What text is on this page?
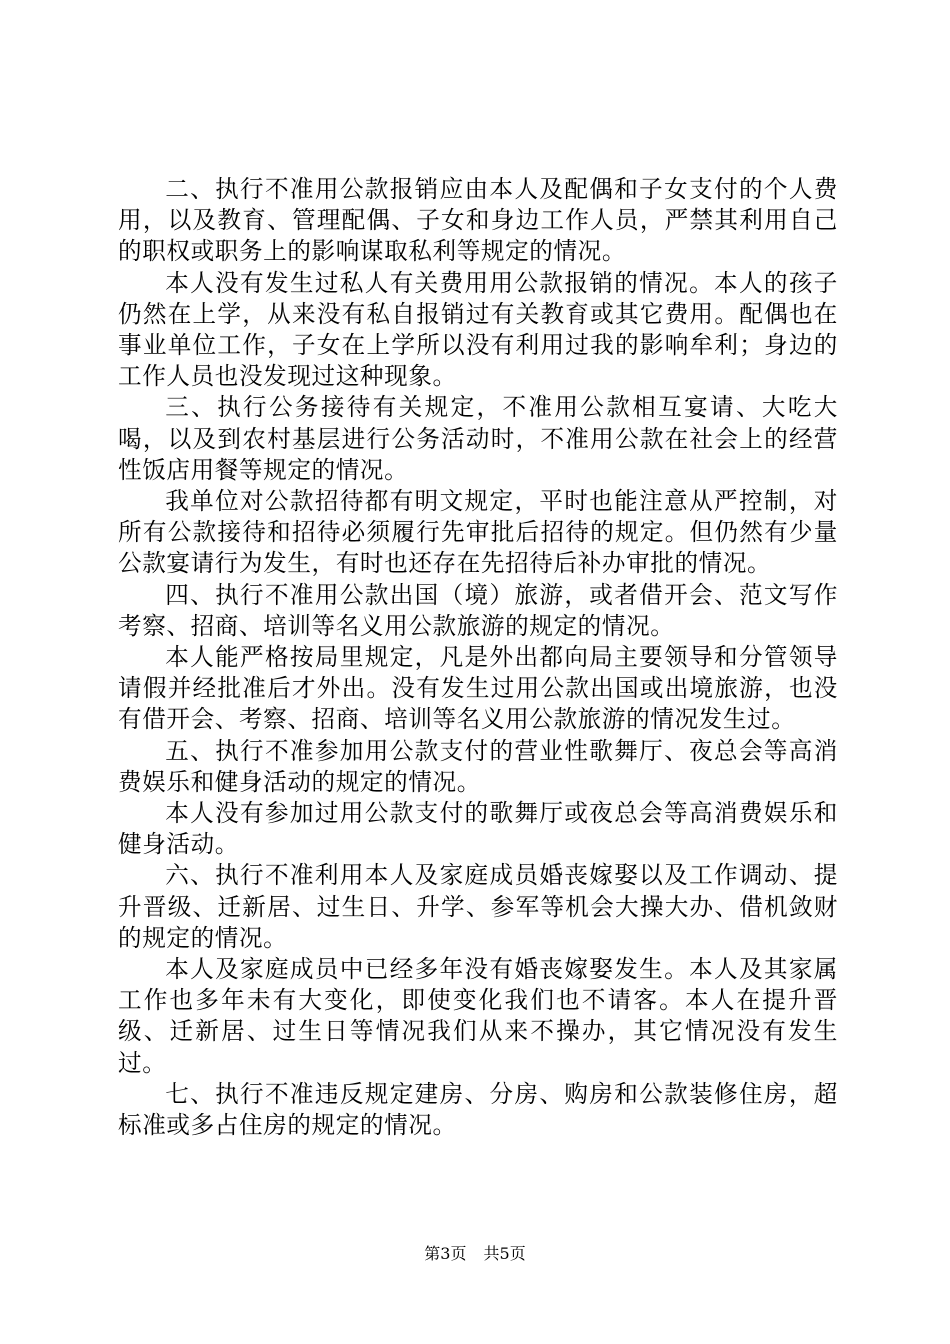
二、执行不准用公款报销应由本人及配偶和子女支付的个人费用，以及教育、管理配偶、子女和身边工作人员，严禁其利用自己的职权或职务上的影响谋取私利等规定的情况。

本人没有发生过私人有关费用用公款报销的情况。本人的孩子仍然在上学，从来没有私自报销过有关教育或其它费用。配偶也在事业单位工作，子女在上学所以没有利用过我的影响牟利；身边的工作人员也没发现过这种现象。

三、执行公务接待有关规定，不准用公款相互宴请、大吃大喝，以及到农村基层进行公务活动时，不准用公款在社会上的经营性饭店用餐等规定的情况。

我单位对公款招待都有明文规定，平时也能注意从严控制，对所有公款接待和招待必须履行先审批后招待的规定。但仍然有少量公款宴请行为发生，有时也还存在先招待后补办审批的情况。

四、执行不准用公款出国（境）旅游，或者借开会、范文写作考察、招商、培训等名义用公款旅游的规定的情况。

本人能严格按局里规定，凡是外出都向局主要领导和分管领导请假并经批准后才外出。没有发生过用公款出国或出境旅游，也没有借开会、考察、招商、培训等名义用公款旅游的情况发生过。

五、执行不准参加用公款支付的营业性歌舞厅、夜总会等高消费娱乐和健身活动的规定的情况。

本人没有参加过用公款支付的歌舞厅或夜总会等高消费娱乐和健身活动。

六、执行不准利用本人及家庭成员婚丧嫁娶以及工作调动、提升晋级、迁新居、过生日、升学、参军等机会大操大办、借机敛财的规定的情况。

本人及家庭成员中已经多年没有婚丧嫁娶发生。本人及其家属工作也多年未有大变化，即使变化我们也不请客。本人在提升晋级、迁新居、过生日等情况我们从来不操办，其它情况没有发生过。

七、执行不准违反规定建房、分房、购房和公款装修住房，超标准或多占住房的规定的情况。

第3页 共5页
